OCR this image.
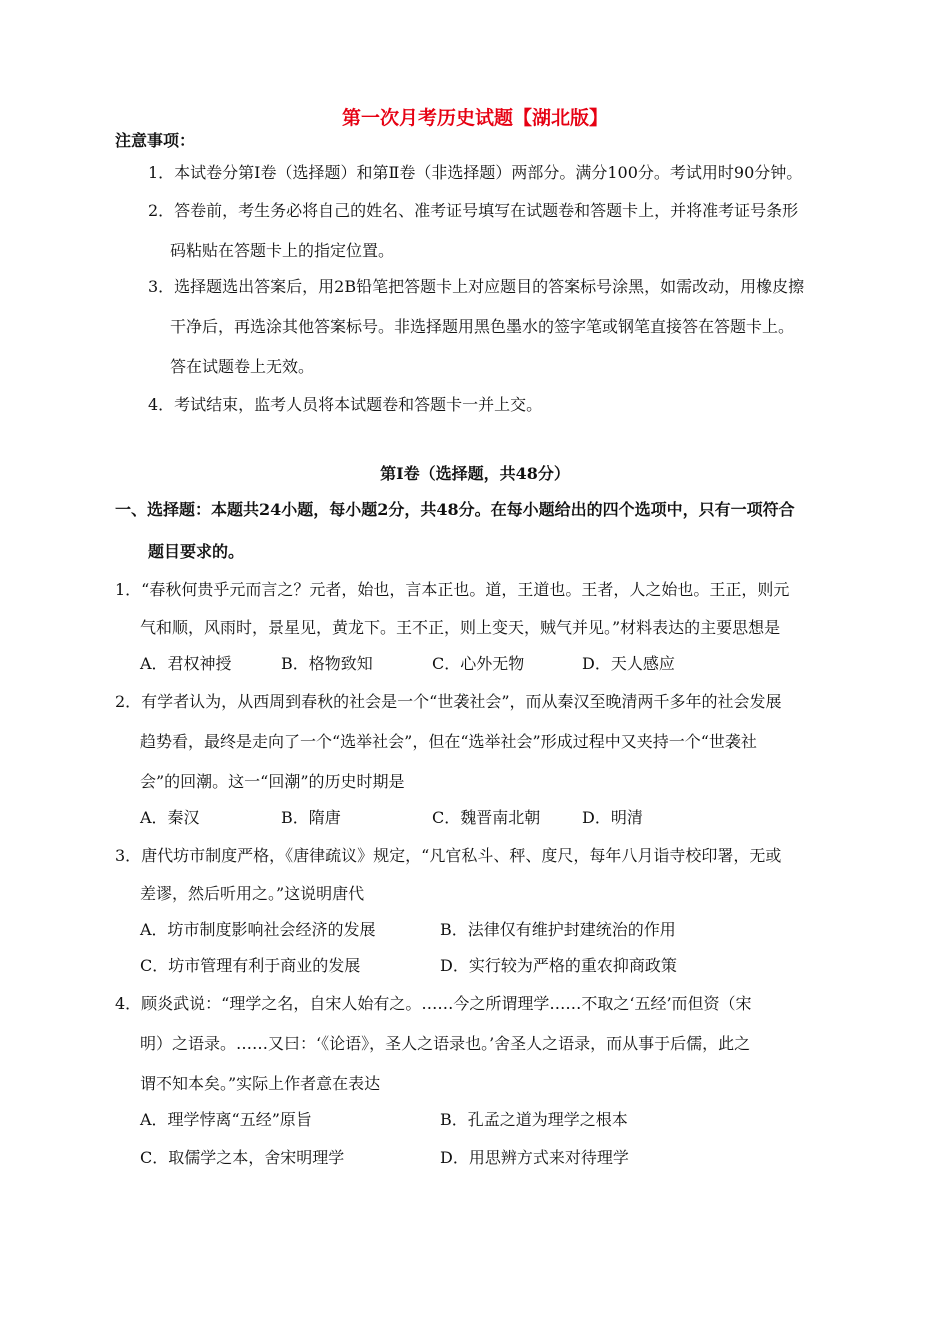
第一次月考历史试题【湖北版】
注意事项：
1．本试卷分第Ⅰ卷（选择题）和第Ⅱ卷（非选择题）两部分。满分100分。考试用时90分钟。
2．答卷前，考生务必将自己的姓名、准考证号填写在试题卷和答题卡上，并将准考证号条形
码粘贴在答题卡上的指定位置。
3．选择题选出答案后，用2B铅笔把答题卡上对应题目的答案标号涂黑，如需改动，用橡皮擦
干净后，再选涂其他答案标号。非选择题用黑色墨水的签字笔或钢笔直接答在答题卡上。
答在试题卷上无效。
4．考试结束，监考人员将本试题卷和答题卡一并上交。
第Ⅰ卷（选择题，共48分）
一、选择题：本题共24小题，每小题2分，共48分。在每小题给出的四个选项中，只有一项符合
题目要求的。
1．“春秋何贵乎元而言之？元者，始也，言本正也。道，王道也。王者，人之始也。王正，则元
气和顺，风雨时，景星见，黄龙下。王不正，则上变天，贼气并见。”材料表达的主要思想是
A．君权神授	B．格物致知	C．心外无物	D．天人感应
2．有学者认为，从西周到春秋的社会是一个“世袭社会”，而从秦汉至晚清两千多年的社会发展
趋势看，最终是走向了一个“选举社会”，但在“选举社会”形成过程中又夹持一个“世袭社
会”的回潮。这一“回潮”的历史时期是
A．秦汉	B．隋唐	C．魏晋南北朝	D．明清
3．唐代坊市制度严格，《唐律疏议》规定，“凡官私斗、秤、度尺，每年八月诣寺校印署，无或
差谬，然后听用之。”这说明唐代
A．坊市制度影响社会经济的发展	B．法律仅有维护封建统治的作用
C．坊市管理有利于商业的发展	D．实行较为严格的重农抑商政策
4．顾炎武说：“理学之名，自宋人始有之。……今之所谓理学……不取之‘五经’而但资（宋
明）之语录。……又曰：‘《论语》，圣人之语录也。’舍圣人之语录，而从事于后儒，此之
谓不知本矣。”实际上作者意在表达
A．理学悖离“五经”原旨	B．孔孟之道为理学之根本
C．取儒学之本，舍宋明理学	D．用思辨方式来对待理学
